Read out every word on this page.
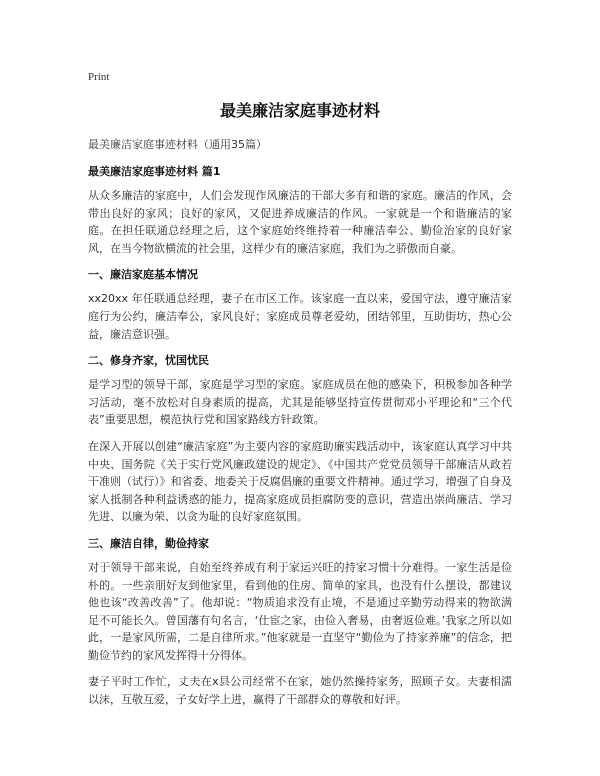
Print
最美廉洁家庭事迹材料

最美廉洁家庭事迹材料（通用35篇）

最美廉洁家庭事迹材料 篇1

从众多廉洁的家庭中，人们会发现作风廉洁的干部大多有和谐的家庭。廉洁的作风，会带出良好的家风；良好的家风，又促进养成廉洁的作风。一家就是一个和谐廉洁的家庭。在担任联通总经理之后，这个家庭始终维持着一种廉洁奉公、勤俭治家的良好家风，在当今物欲横流的社会里，这样少有的廉洁家庭，我们为之骄傲而自豪。

一、廉洁家庭基本情况

xx20xx 年任联通总经理，妻子在市区工作。该家庭一直以来，爱国守法，遵守廉洁家庭行为公约，廉洁奉公，家风良好；家庭成员尊老爱幼，团结邻里，互助街坊，热心公益，廉洁意识强。

二、修身齐家，忧国忧民

是学习型的领导干部，家庭是学习型的家庭。家庭成员在他的感染下，积极参加各种学习活动，毫不放松对自身素质的提高，尤其是能够坚持宣传贯彻邓小平理论和“三个代表”重要思想，模范执行党和国家路线方针政策。

在深入开展以创建“廉洁家庭”为主要内容的家庭助廉实践活动中，该家庭认真学习中共中央、国务院《关于实行党风廉政建设的规定》、《中国共产党党员领导干部廉洁从政若干准则（试行）》和省委、地委关于反腐倡廉的重要文件精神。通过学习，增强了自身及家人抵制各种利益诱惑的能力，提高家庭成员拒腐防变的意识，营造出崇尚廉洁、学习先进、以廉为荣、以贪为耻的良好家庭氛围。

三、廉洁自律，勤俭持家

对于领导干部来说，自始至终养成有利于家运兴旺的持家习惯十分难得。一家生活是俭朴的。一些亲朋好友到他家里，看到他的住房、简单的家具，也没有什么摆设，都建议他也该“改善改善”了。他却说：“物质追求没有止境，不是通过辛勤劳动得来的物欲满足不可能长久。曾国藩有句名言，‘仕宦之家，由俭入奢易，由奢返俭难。’我家之所以如此，一是家风所需，二是自律所求。”他家就是一直坚守“勤俭为了持家养廉”的信念，把勤俭节约的家风发挥得十分得体。

妻子平时工作忙，丈夫在x县公司经常不在家，她仍然操持家务，照顾子女。夫妻相濡以沫，互敬互爱，子女好学上进，赢得了干部群众的尊敬和好评。
